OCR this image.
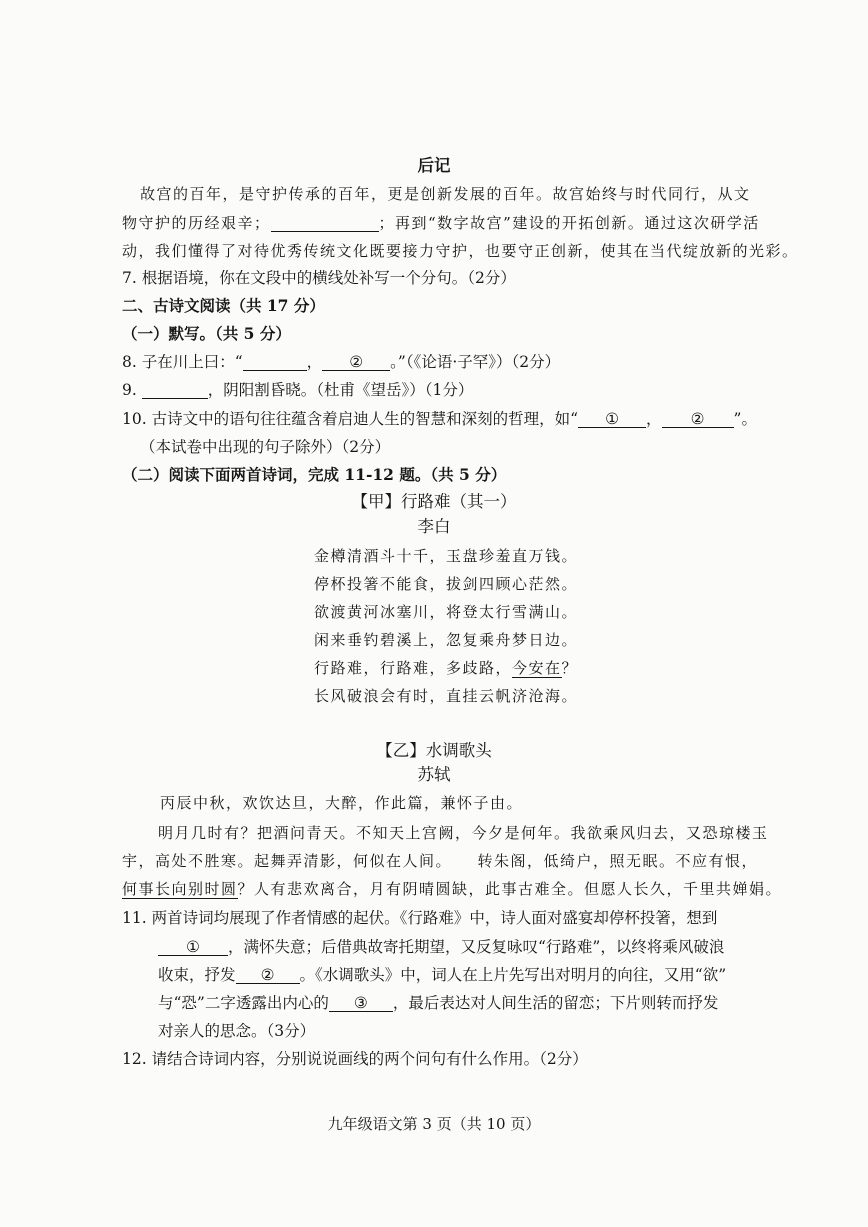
后记
故宫的百年，是守护传承的百年，更是创新发展的百年。故宫始终与时代同行，从文
物守护的历经艰辛；	；再到“数字故宫”建设的开拓创新。通过这次研学活
动，我们懂得了对待优秀传统文化既要接力守护，也要守正创新，使其在当代绽放新的光彩。
7. 根据语境，你在文段中的横线处补写一个分句。（2分）
二、古诗文阅读（共 17 分）
（一）默写。（共 5 分）
8. 子在川上曰：“	， ② 。”（《论语·子罕》）（2分）
9.	，阴阳割昏晓。（杜甫《望岳》）（1分）
10. 古诗文中的语句往往蕴含着启迪人生的智慧和深刻的哲理，如“ ① ， ② ”。
（本试卷中出现的句子除外）（2分）
（二）阅读下面两首诗词，完成 11-12 题。（共 5 分）
【甲】行路难（其一）
李白
金樽清酒斗十千，玉盘珍羞直万钱。
停杯投箸不能食，拔剑四顾心茫然。
欲渡黄河冰塞川，将登太行雪满山。
闲来垂钓碧溪上，忽复乘舟梦日边。
行路难，行路难，多歧路，今安在？
长风破浪会有时，直挂云帆济沧海。
【乙】水调歌头
苏轼
丙辰中秋，欢饮达旦，大醉，作此篇，兼怀子由。
明月几时有？把酒问青天。不知天上宫阙，今夕是何年。我欲乘风归去，又恐琼楼玉
宇，高处不胜寒。起舞弄清影，何似在人间。　　转朱阁，低绮户，照无眠。不应有恨，
何事长向别时圆？人有悲欢离合，月有阴晴圆缺，此事古难全。但愿人长久，千里共婵娟。
11. 两首诗词均展现了作者情感的起伏。《行路难》中，诗人面对盛宴却停杯投箸，想到
① ，满怀失意；后借典故寄托期望，又反复咏叹“行路难”，以终将乘风破浪
收束，抒发 ② 。《水调歌头》中，词人在上片先写出对明月的向往，又用“欲”
与“恐”二字透露出内心的 ③ ，最后表达对人间生活的留恋；下片则转而抒发
对亲人的思念。（3分）
12. 请结合诗词内容，分别说说画线的两个问句有什么作用。（2分）
九年级语文第 3 页（共 10 页）
